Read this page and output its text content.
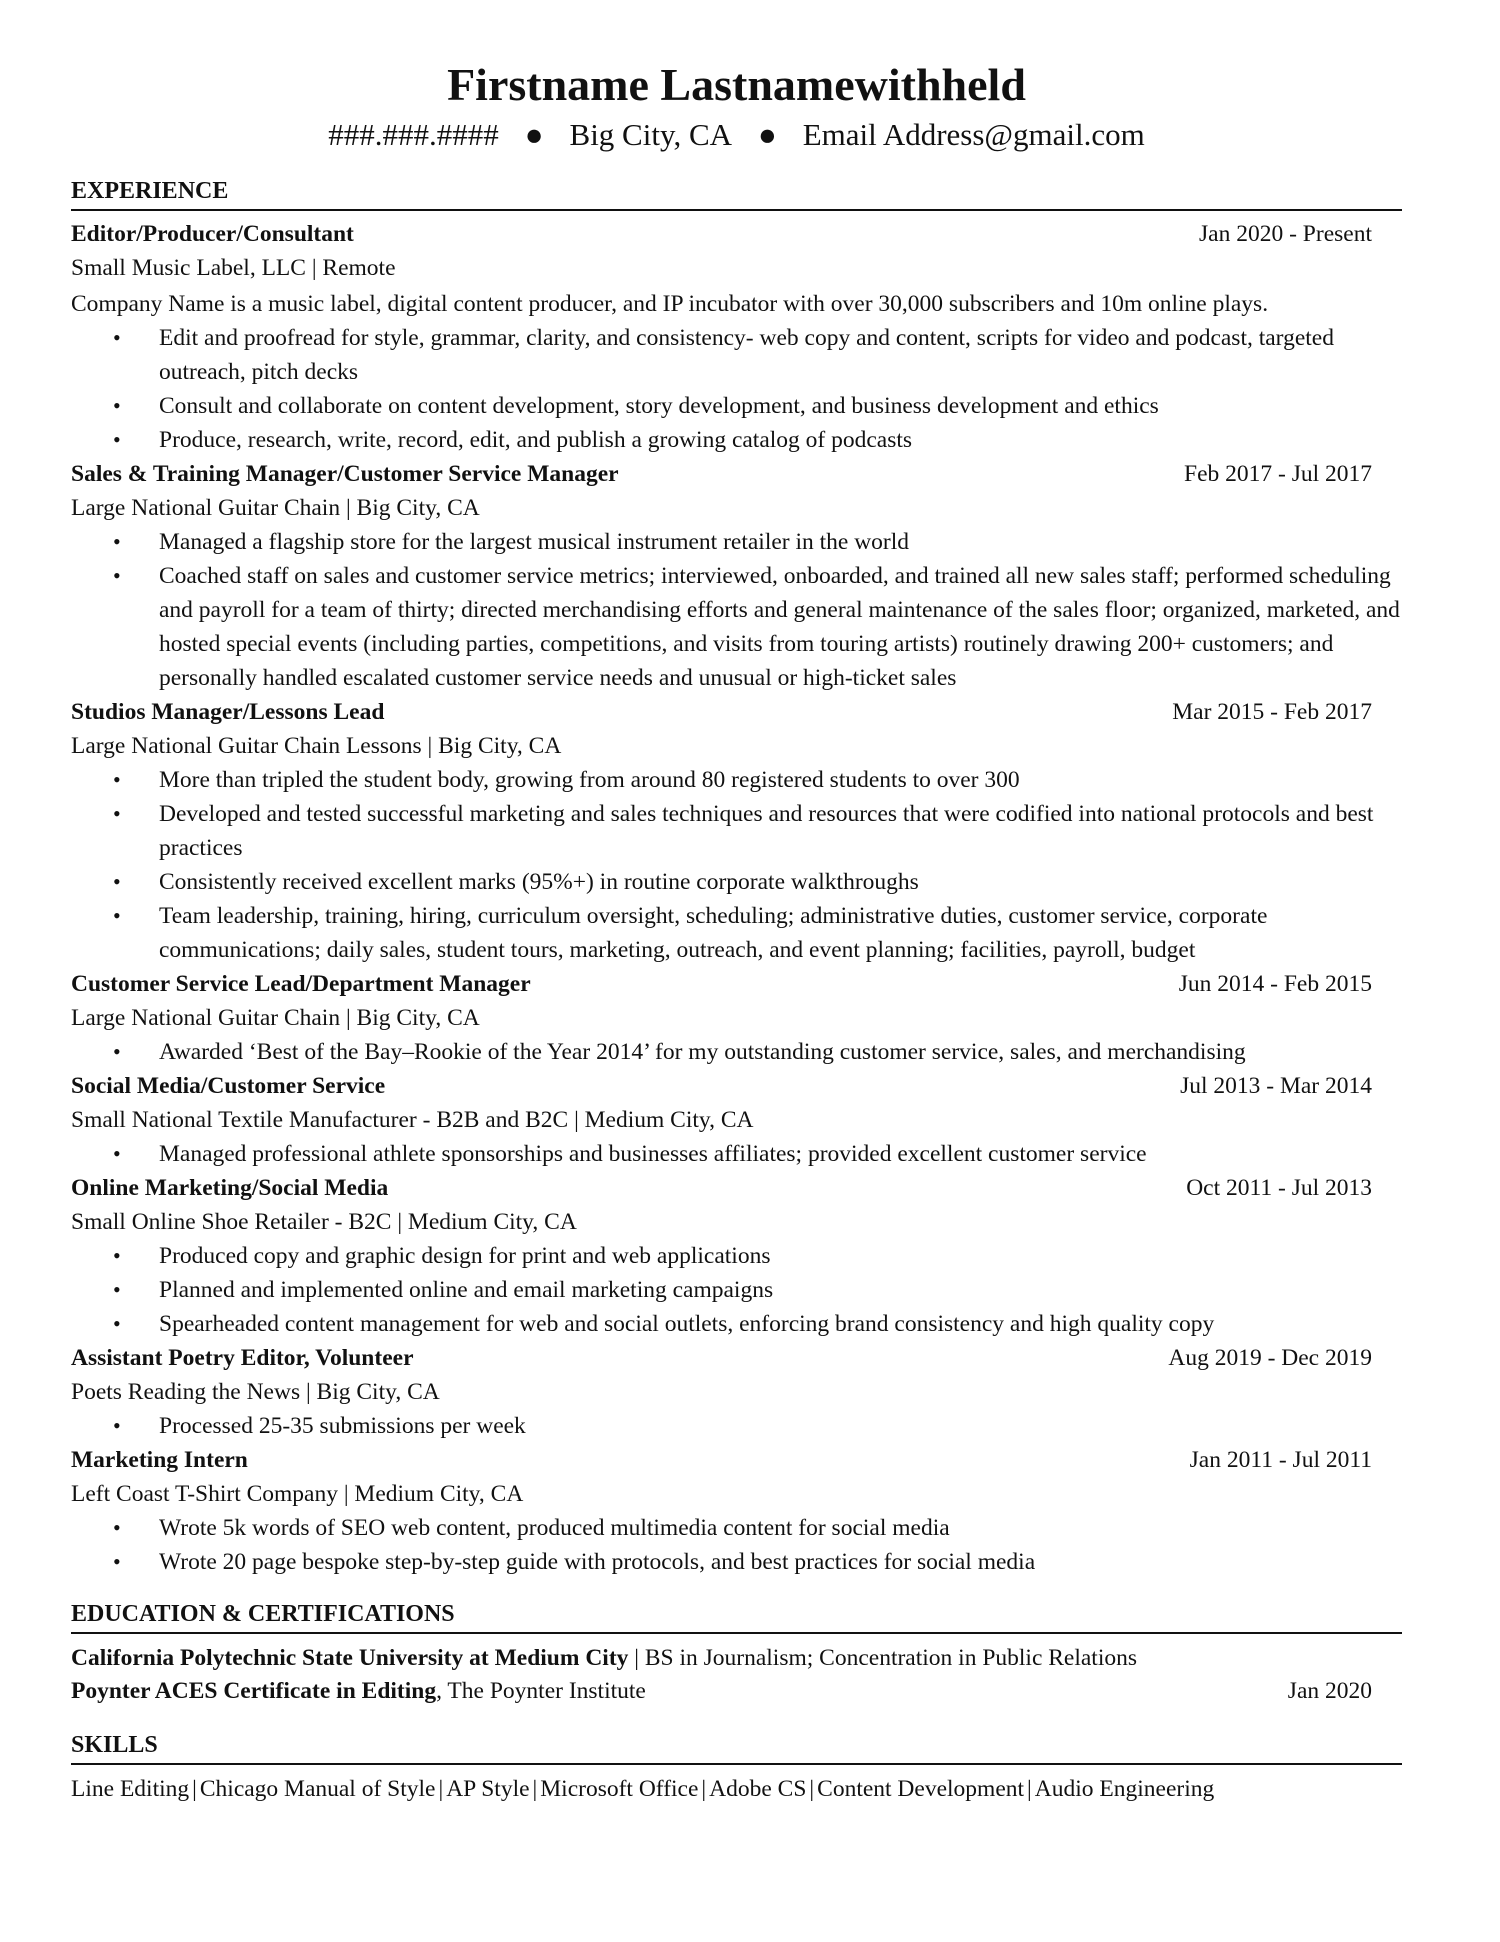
Firstname Lastnamewithheld
###.###.#### ● Big City, CA ● Email Address@gmail.com
EXPERIENCE
Editor/Producer/Consultant	Jan 2020 - Present
Small Music Label, LLC | Remote
Company Name is a music label, digital content producer, and IP incubator with over 30,000 subscribers and 10m online plays.
• Edit and proofread for style, grammar, clarity, and consistency- web copy and content, scripts for video and podcast, targeted outreach, pitch decks
• Consult and collaborate on content development, story development, and business development and ethics
• Produce, research, write, record, edit, and publish a growing catalog of podcasts
Sales & Training Manager/Customer Service Manager	Feb 2017 - Jul 2017
Large National Guitar Chain | Big City, CA
• Managed a flagship store for the largest musical instrument retailer in the world
• Coached staff on sales and customer service metrics; interviewed, onboarded, and trained all new sales staff; performed scheduling and payroll for a team of thirty; directed merchandising efforts and general maintenance of the sales floor; organized, marketed, and hosted special events (including parties, competitions, and visits from touring artists) routinely drawing 200+ customers; and personally handled escalated customer service needs and unusual or high-ticket sales
Studios Manager/Lessons Lead	Mar 2015 - Feb 2017
Large National Guitar Chain Lessons | Big City, CA
• More than tripled the student body, growing from around 80 registered students to over 300
• Developed and tested successful marketing and sales techniques and resources that were codified into national protocols and best practices
• Consistently received excellent marks (95%+) in routine corporate walkthroughs
• Team leadership, training, hiring, curriculum oversight, scheduling; administrative duties, customer service, corporate communications; daily sales, student tours, marketing, outreach, and event planning; facilities, payroll, budget
Customer Service Lead/Department Manager	Jun 2014 - Feb 2015
Large National Guitar Chain | Big City, CA
• Awarded ‘Best of the Bay–Rookie of the Year 2014’ for my outstanding customer service, sales, and merchandising
Social Media/Customer Service	Jul 2013 - Mar 2014
Small National Textile Manufacturer - B2B and B2C | Medium City, CA
• Managed professional athlete sponsorships and businesses affiliates; provided excellent customer service
Online Marketing/Social Media	Oct 2011 - Jul 2013
Small Online Shoe Retailer - B2C | Medium City, CA
• Produced copy and graphic design for print and web applications
• Planned and implemented online and email marketing campaigns
• Spearheaded content management for web and social outlets, enforcing brand consistency and high quality copy
Assistant Poetry Editor, Volunteer	Aug 2019 - Dec 2019
Poets Reading the News | Big City, CA
• Processed 25-35 submissions per week
Marketing Intern	Jan 2011 - Jul 2011
Left Coast T-Shirt Company | Medium City, CA
• Wrote 5k words of SEO web content, produced multimedia content for social media
• Wrote 20 page bespoke step-by-step guide with protocols, and best practices for social media
EDUCATION & CERTIFICATIONS
California Polytechnic State University at Medium City | BS in Journalism; Concentration in Public Relations
Poynter ACES Certificate in Editing, The Poynter Institute	Jan 2020
SKILLS
Line Editing | Chicago Manual of Style | AP Style | Microsoft Office | Adobe CS | Content Development | Audio Engineering
